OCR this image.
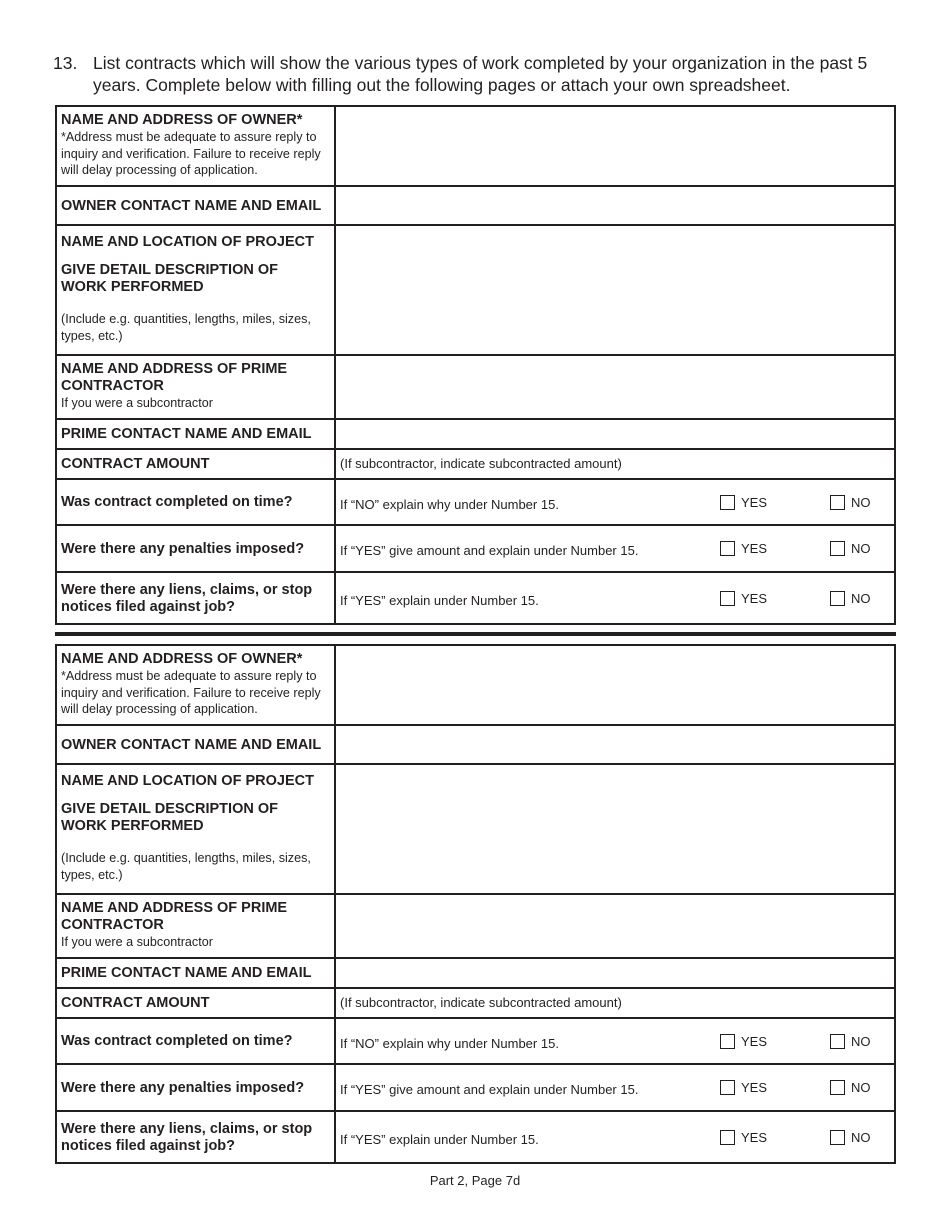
13. List contracts which will show the various types of work completed by your organization in the past 5 years. Complete below with filling out the following pages or attach your own spreadsheet.
NAME AND ADDRESS OF OWNER*
*Address must be adequate to assure reply to inquiry and verification. Failure to receive reply will delay processing of application.	

OWNER CONTACT NAME AND EMAIL	

NAME AND LOCATION OF PROJECT
GIVE DETAIL DESCRIPTION OF WORK PERFORMED
(Include e.g. quantities, lengths, miles, sizes, types, etc.)	

NAME AND ADDRESS OF PRIME CONTRACTOR
If you were a subcontractor	

PRIME CONTACT NAME AND EMAIL	

CONTRACT AMOUNT	(If subcontractor, indicate subcontracted amount)

Was contract completed on time?	If “NO” explain why under Number 15. YES NO

Were there any penalties imposed?	If “YES” give amount and explain under Number 15. YES NO

Were there any liens, claims, or stop notices filed against job?	If “YES” explain under Number 15. YES NO
NAME AND ADDRESS OF OWNER*
*Address must be adequate to assure reply to inquiry and verification. Failure to receive reply will delay processing of application.	

OWNER CONTACT NAME AND EMAIL	

NAME AND LOCATION OF PROJECT
GIVE DETAIL DESCRIPTION OF WORK PERFORMED
(Include e.g. quantities, lengths, miles, sizes, types, etc.)	

NAME AND ADDRESS OF PRIME CONTRACTOR
If you were a subcontractor	

PRIME CONTACT NAME AND EMAIL	

CONTRACT AMOUNT	(If subcontractor, indicate subcontracted amount)

Was contract completed on time?	If “NO” explain why under Number 15. YES NO

Were there any penalties imposed?	If “YES” give amount and explain under Number 15. YES NO

Were there any liens, claims, or stop notices filed against job?	If “YES” explain under Number 15. YES NO
Part 2, Page 7d
